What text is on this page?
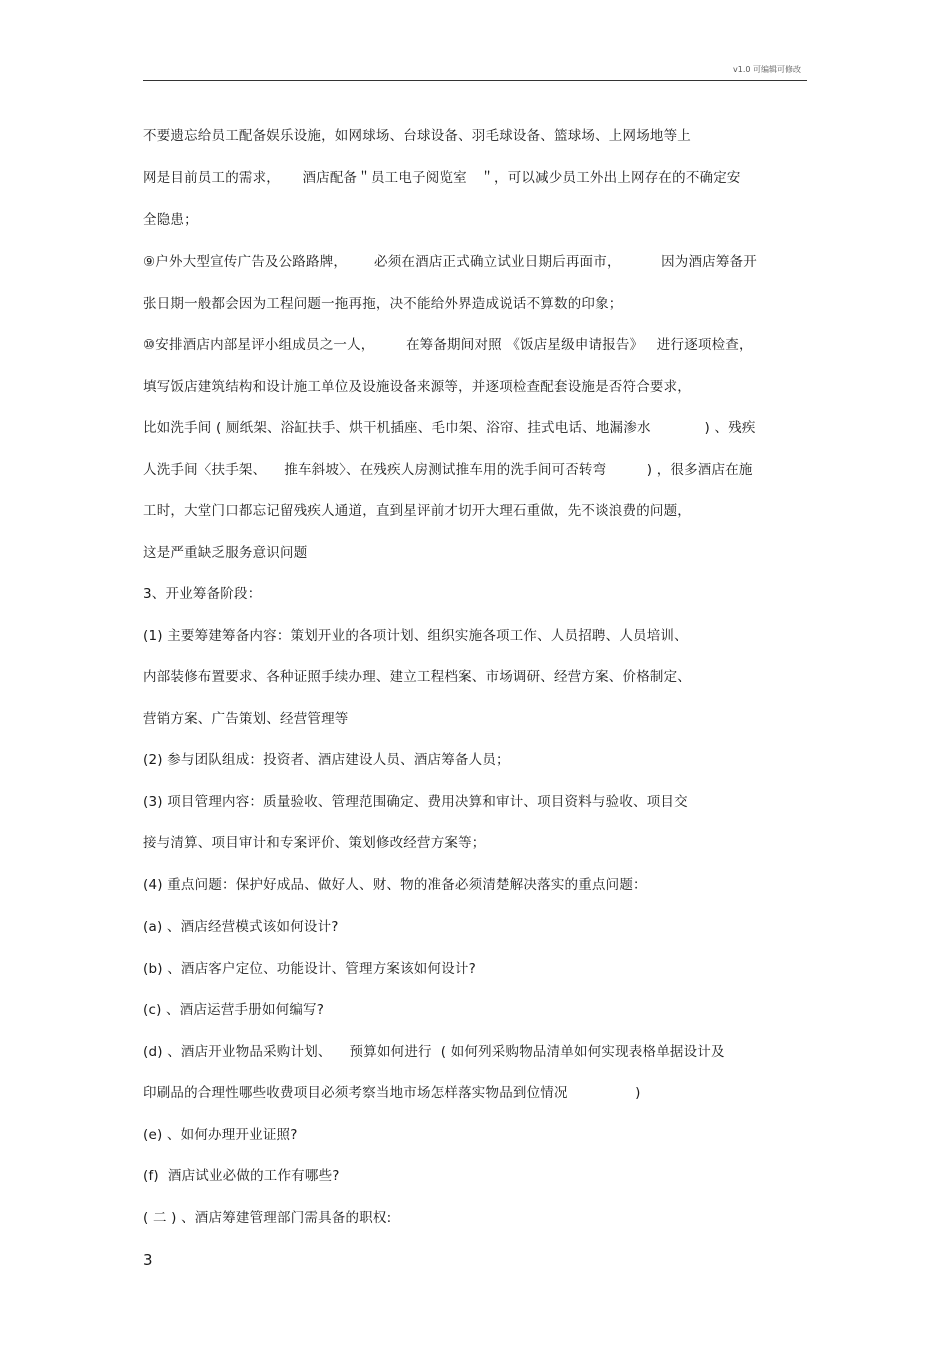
v1.0 可编辑可修改
不要遗忘给员工配备娱乐设施，如网球场、台球设备、羽毛球设备、篮球场、上网场地等上
网是目前员工的需求，     酒店配备＂员工电子阅览室   ＂，可以减少员工外出上网存在的不确定安
全隐患；
⑨户外大型宣传广告及公路路牌，      必须在酒店正式确立试业日期后再面市，         因为酒店筹备开
张日期一般都会因为工程问题一拖再拖，决不能给外界造成说话不算数的印象；
⑩安排酒店内部星评小组成员之一人，       在筹备期间对照 《饭店星级申请报告》   进行逐项检查，
填写饭店建筑结构和设计施工单位及设施设备来源等，并逐项检查配套设施是否符合要求，
比如洗手间 ( 厕纸架、浴缸扶手、烘干机插座、毛巾架、浴帘、挂式电话、地漏渗水            ) 、残疾
人洗手间〈扶手架、    推车斜坡〉、在残疾人房测试推车用的洗手间可否转弯         ) ，很多酒店在施
工时，大堂门口都忘记留残疾人通道，直到星评前才切开大理石重做，先不谈浪费的问题，
这是严重缺乏服务意识问题
3、开业筹备阶段：
(1) 主要筹建筹备内容：策划开业的各项计划、组织实施各项工作、人员招聘、人员培训、
内部装修布置要求、各种证照手续办理、建立工程档案、市场调研、经营方案、价格制定、
营销方案、广告策划、经营管理等
(2) 参与团队组成：投资者、酒店建设人员、酒店筹备人员；
(3) 项目管理内容：质量验收、管理范围确定、费用决算和审计、项目资料与验收、项目交
接与清算、项目审计和专案评价、策划修改经营方案等；
(4) 重点问题：保护好成品、做好人、财、物的准备必须清楚解决落实的重点问题：
(a) 、酒店经营模式该如何设计?
(b) 、酒店客户定位、功能设计、管理方案该如何设计?
(c) 、酒店运营手册如何编写?
(d) 、酒店开业物品采购计划、    预算如何进行  ( 如何列采购物品清单如何实现表格单据设计及
印刷品的合理性哪些收费项目必须考察当地市场怎样落实物品到位情况               )
(e) 、如何办理开业证照?
(f)  酒店试业必做的工作有哪些?
( 二 ) 、酒店筹建管理部门需具备的职权:
3
